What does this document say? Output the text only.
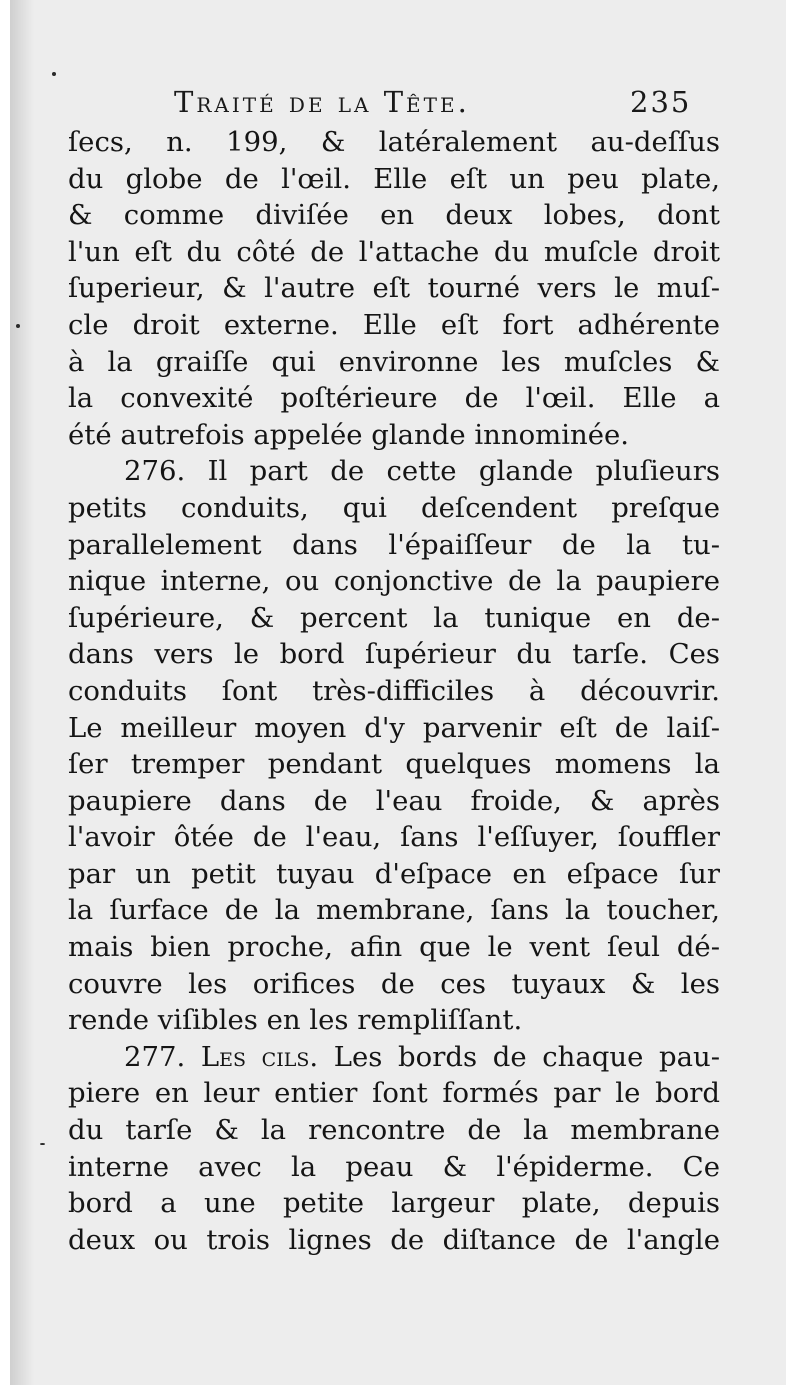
Traité de la Tête.	235
ſecs, n. 199, & latéralement au-deſſus
du globe de l'œil. Elle eſt un peu plate,
& comme diviſée en deux lobes, dont
l'un eſt du côté de l'attache du muſcle droit
ſuperieur, & l'autre eſt tourné vers le muſ-
cle droit externe. Elle eſt fort adhérente
à la graiſſe qui environne les muſcles &
la convexité poſtérieure de l'œil. Elle a
été autrefois appelée glande innominée.
276. Il part de cette glande pluſieurs
petits conduits, qui deſcendent preſque
parallelement dans l'épaiſſeur de la tu-
nique interne, ou conjonctive de la paupiere
ſupérieure, & percent la tunique en de-
dans vers le bord ſupérieur du tarſe. Ces
conduits ſont très-difficiles à découvrir.
Le meilleur moyen d'y parvenir eſt de laiſ-
ſer tremper pendant quelques momens la
paupiere dans de l'eau froide, & après
l'avoir ôtée de l'eau, ſans l'eſſuyer, ſouffler
par un petit tuyau d'eſpace en eſpace ſur
la ſurface de la membrane, ſans la toucher,
mais bien proche, afin que le vent ſeul dé-
couvre les orifices de ces tuyaux & les
rende viſibles en les rempliſſant.
277. Les cils. Les bords de chaque pau-
piere en leur entier ſont formés par le bord
du tarſe & la rencontre de la membrane
interne avec la peau & l'épiderme. Ce
bord a une petite largeur plate, depuis
deux ou trois lignes de diſtance de l'angle
